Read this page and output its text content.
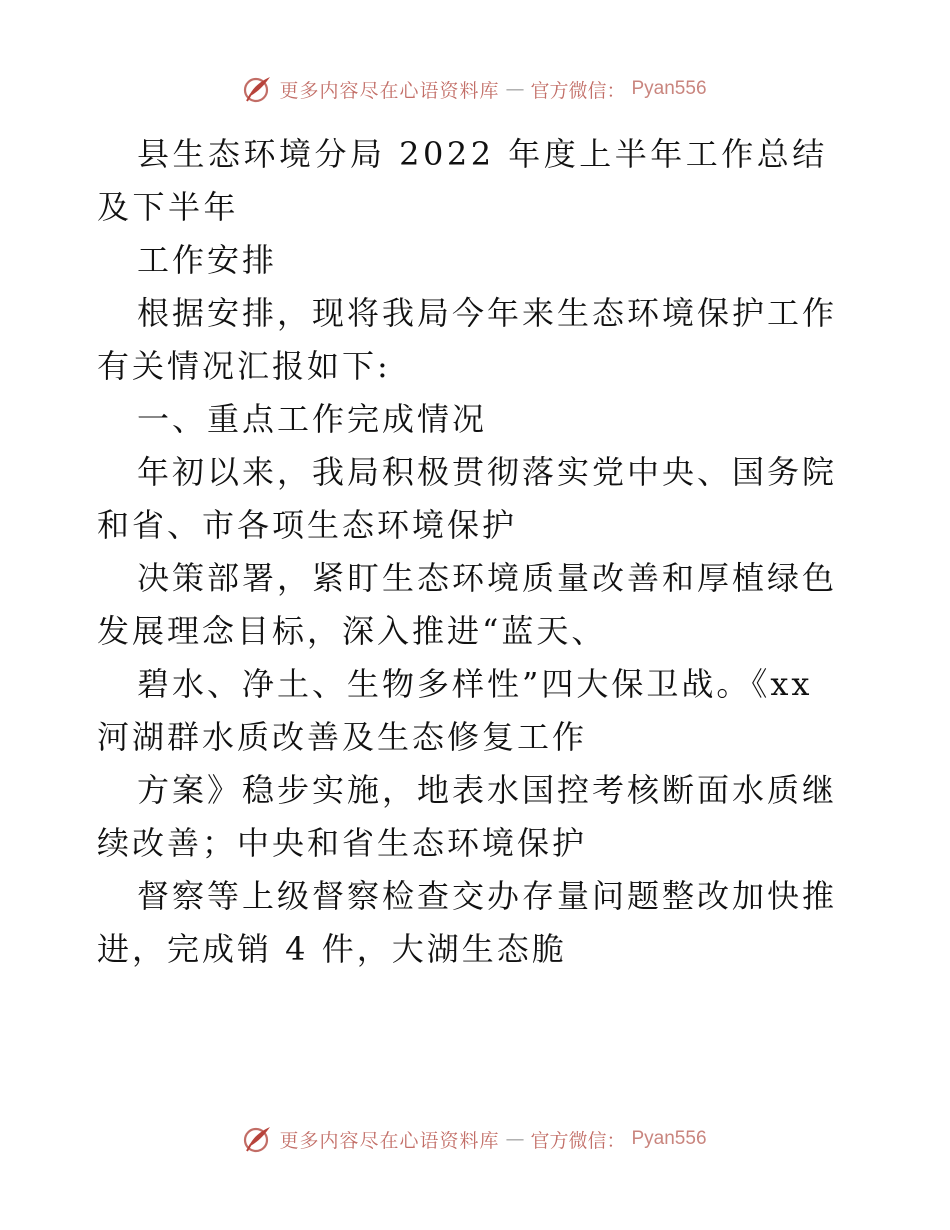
更多内容尽在心语资料库 — 官方微信： Pyan556

县生态环境分局 2022 年度上半年工作总结及下半年

工作安排

根据安排，现将我局今年来生态环境保护工作有关情况汇报如下:

一、重点工作完成情况

年初以来，我局积极贯彻落实党中央、国务院和省、市各项生态环境保护

决策部署，紧盯生态环境质量改善和厚植绿色发展理念目标，深入推进“蓝天、

碧水、净土、生物多样性”四大保卫战。《xx 河湖群水质改善及生态修复工作

方案》稳步实施，地表水国控考核断面水质继续改善；中央和省生态环境保护

督察等上级督察检查交办存量问题整改加快推进，完成销 4 件，大湖生态脆

更多内容尽在心语资料库 — 官方微信： Pyan556
